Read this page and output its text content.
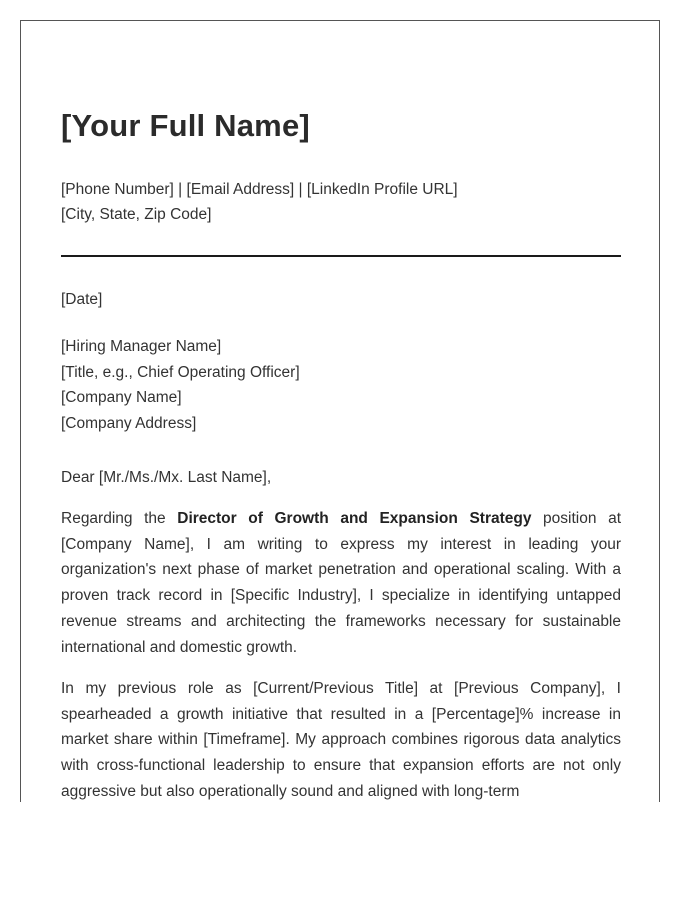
[Your Full Name]
[Phone Number] | [Email Address] | [LinkedIn Profile URL]
[City, State, Zip Code]
[Date]
[Hiring Manager Name]
[Title, e.g., Chief Operating Officer]
[Company Name]
[Company Address]
Dear [Mr./Ms./Mx. Last Name],

Regarding the Director of Growth and Expansion Strategy position at [Company Name], I am writing to express my interest in leading your organization's next phase of market penetration and operational scaling. With a proven track record in [Specific Industry], I specialize in identifying untapped revenue streams and architecting the frameworks necessary for sustainable international and domestic growth.

In my previous role as [Current/Previous Title] at [Previous Company], I spearheaded a growth initiative that resulted in a [Percentage]% increase in market share within [Timeframe]. My approach combines rigorous data analytics with cross-functional leadership to ensure that expansion efforts are not only aggressive but also operationally sound and aligned with long-term
